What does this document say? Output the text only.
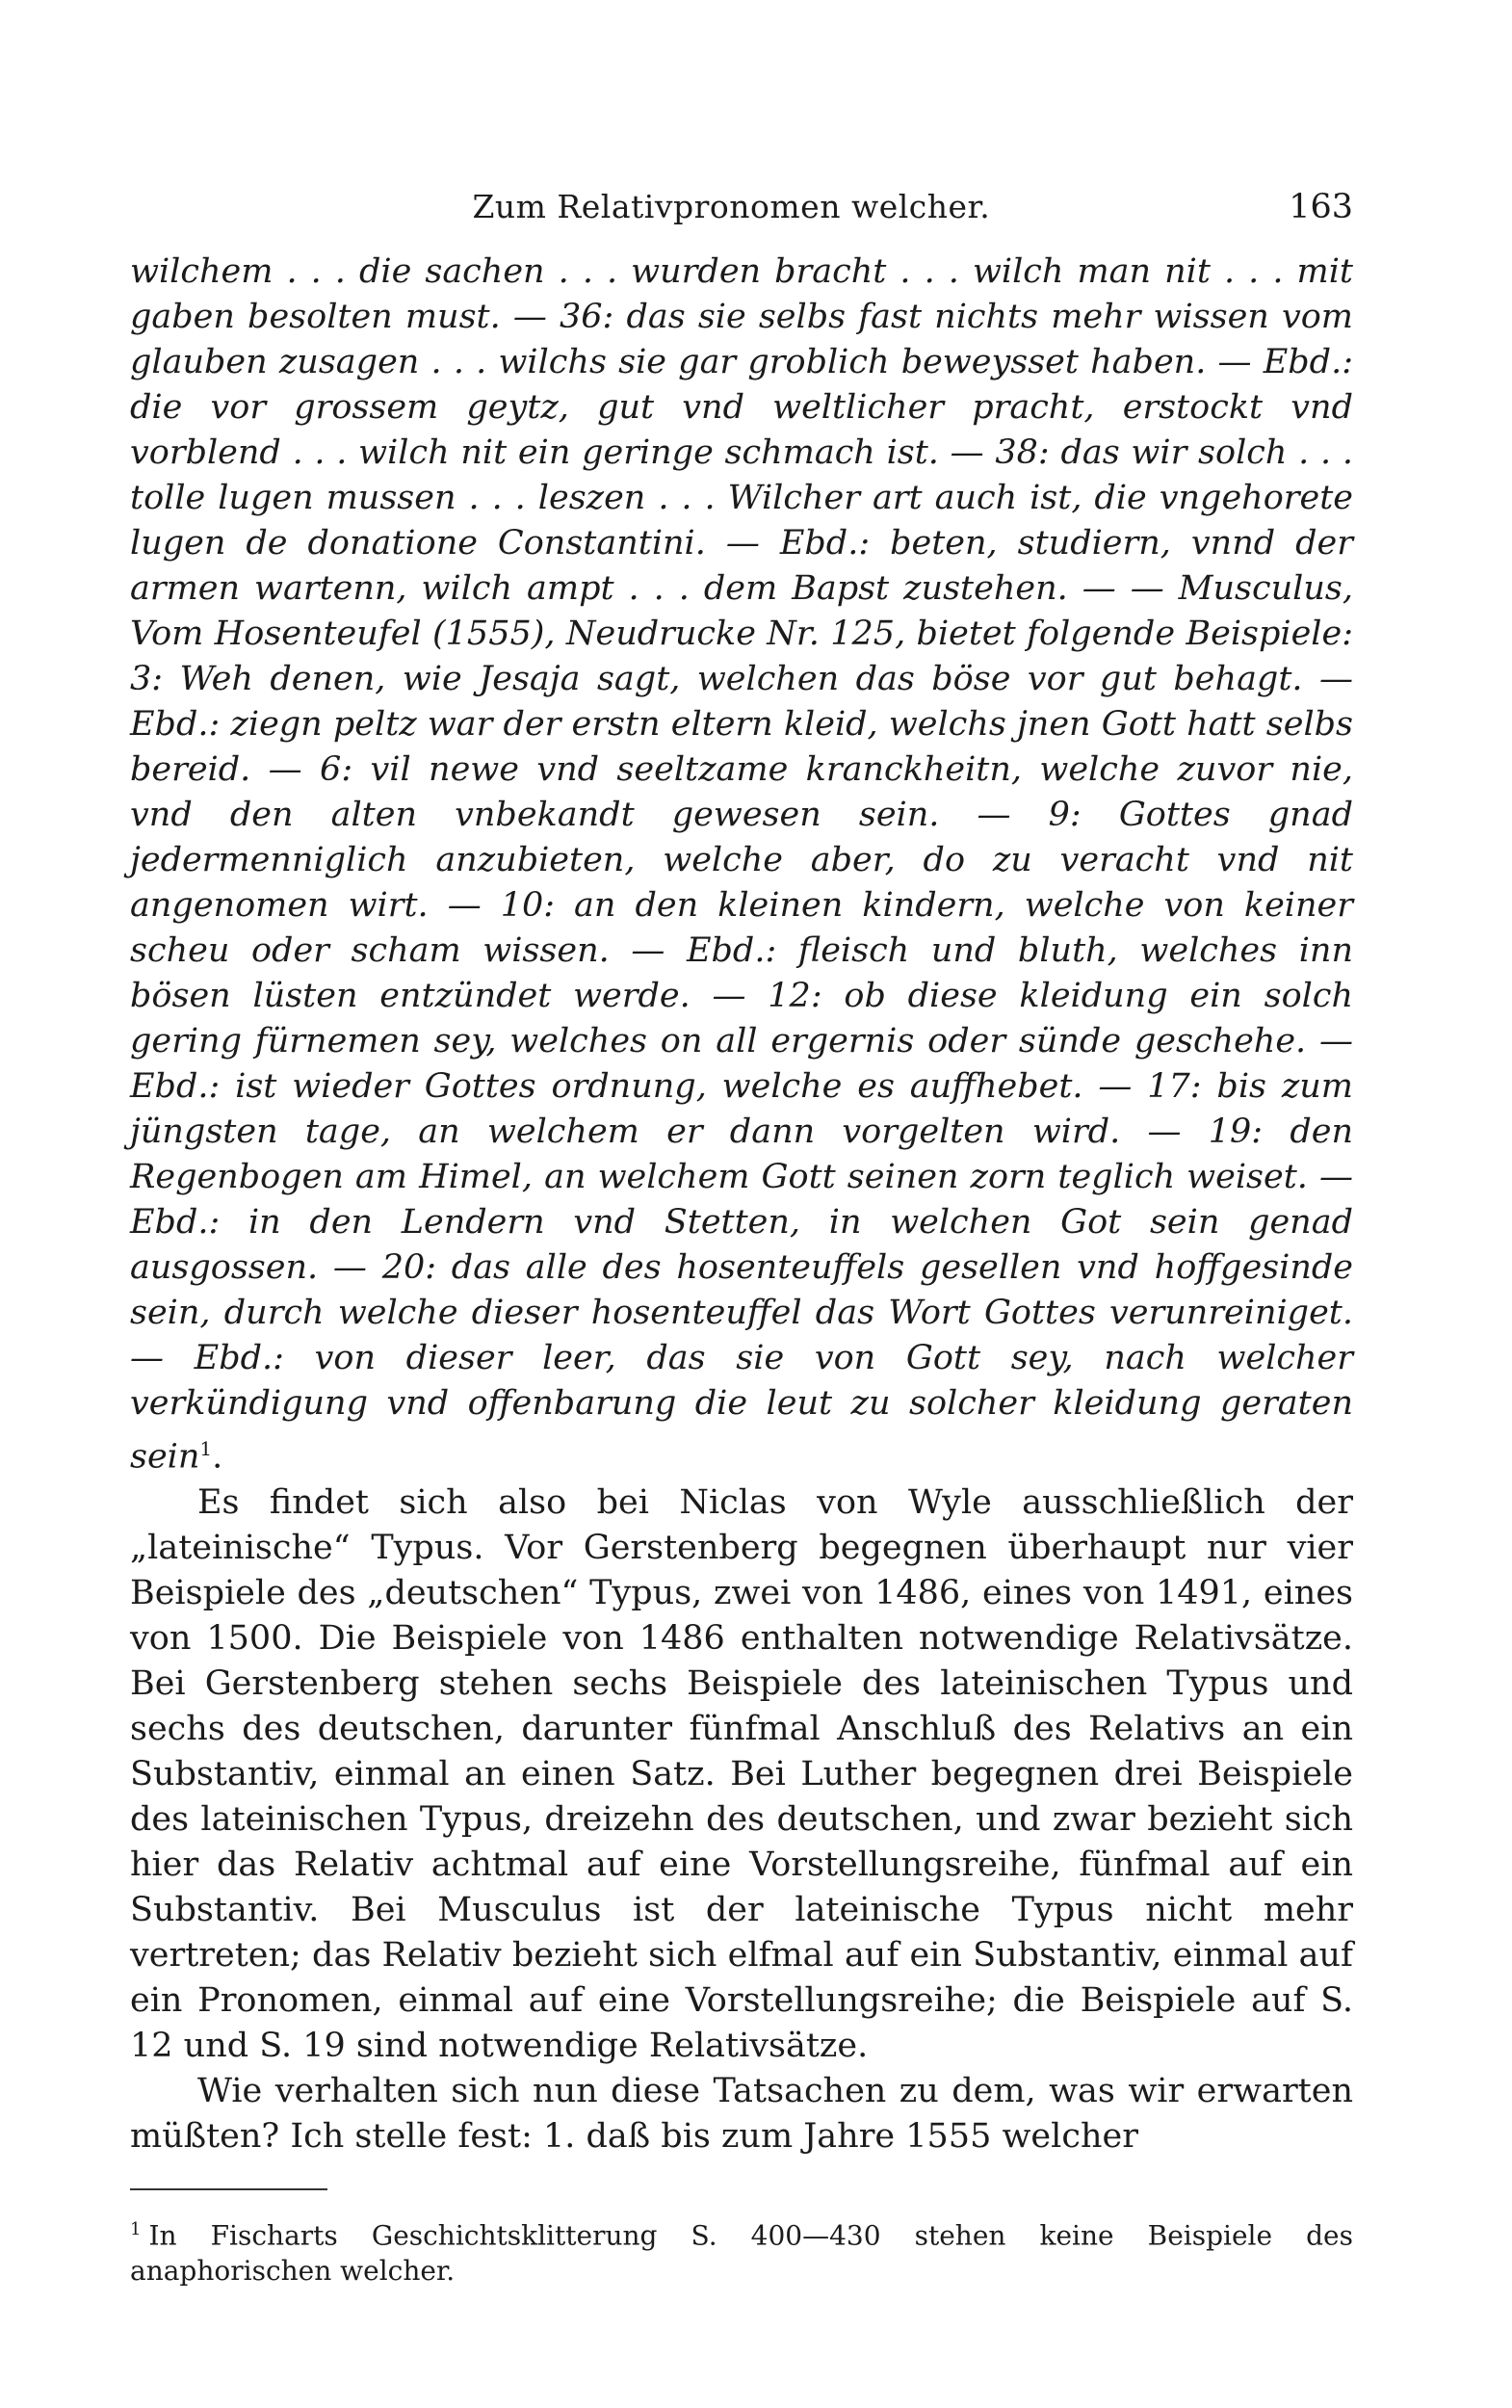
Zum Relativpronomen welcher.	163

wilchem . . . die sachen . . . wurden bracht . . . wilch man nit . . . mit gaben besolten must. — 36: das sie selbs fast nichts mehr wissen vom glauben zusagen . . . wilchs sie gar groblich beweysset haben. — Ebd.: die vor grossem geytz, gut vnd weltlicher pracht, erstockt vnd vorblend . . . wilch nit ein geringe schmach ist. — 38: das wir solch . . . tolle lugen mussen . . . leszen . . . Wilcher art auch ist, die vngehorete lugen de donatione Constantini. — Ebd.: beten, studiern, vnnd der armen wartenn, wilch ampt . . . dem Bapst zustehen. — — Musculus, Vom Hosenteufel (1555), Neudrucke Nr. 125, bietet folgende Beispiele: 3: Weh denen, wie Jesaja sagt, welchen das böse vor gut behagt. — Ebd.: ziegn peltz war der erstn eltern kleid, welchs jnen Gott hatt selbs bereid. — 6: vil newe vnd seeltzame kranckheitn, welche zuvor nie, vnd den alten vnbekandt gewesen sein. — 9: Gottes gnad jedermenniglich anzubieten, welche aber, do zu veracht vnd nit angenomen wirt. — 10: an den kleinen kindern, welche von keiner scheu oder scham wissen. — Ebd.: fleisch und bluth, welches inn bösen lüsten entzündet werde. — 12: ob diese kleidung ein solch gering fürnemen sey, welches on all ergernis oder sünde geschehe. — Ebd.: ist wieder Gottes ordnung, welche es auffhebet. — 17: bis zum jüngsten tage, an welchem er dann vorgelten wird. — 19: den Regenbogen am Himel, an welchem Gott seinen zorn teglich weiset. — Ebd.: in den Lendern vnd Stetten, in welchen Got sein genad ausgossen. — 20: das alle des hosenteuffels gesellen vnd hoffgesinde sein, durch welche dieser hosenteuffel das Wort Gottes verunreiniget. — Ebd.: von dieser leer, das sie von Gott sey, nach welcher verkündigung vnd offenbarung die leut zu solcher kleidung geraten sein$^1$.

Es findet sich also bei Niclas von Wyle ausschließlich der „lateinische“ Typus. Vor Gerstenberg begegnen überhaupt nur vier Beispiele des „deutschen“ Typus, zwei von 1486, eines von 1491, eines von 1500. Die Beispiele von 1486 enthalten notwendige Relativsätze. Bei Gerstenberg stehen sechs Beispiele des lateinischen Typus und sechs des deutschen, darunter fünfmal Anschluß des Relativs an ein Substantiv, einmal an einen Satz. Bei Luther begegnen drei Beispiele des lateinischen Typus, dreizehn des deutschen, und zwar bezieht sich hier das Relativ achtmal auf eine Vorstellungsreihe, fünfmal auf ein Substantiv. Bei Musculus ist der lateinische Typus nicht mehr vertreten; das Relativ bezieht sich elfmal auf ein Substantiv, einmal auf ein Pronomen, einmal auf eine Vorstellungsreihe; die Beispiele auf S. 12 und S. 19 sind notwendige Relativsätze.

Wie verhalten sich nun diese Tatsachen zu dem, was wir erwarten müßten? Ich stelle fest: 1. daß bis zum Jahre 1555 welcher

$^1$ In Fischarts Geschichtsklitterung S. 400—430 stehen keine Beispiele des anaphorischen welcher.
